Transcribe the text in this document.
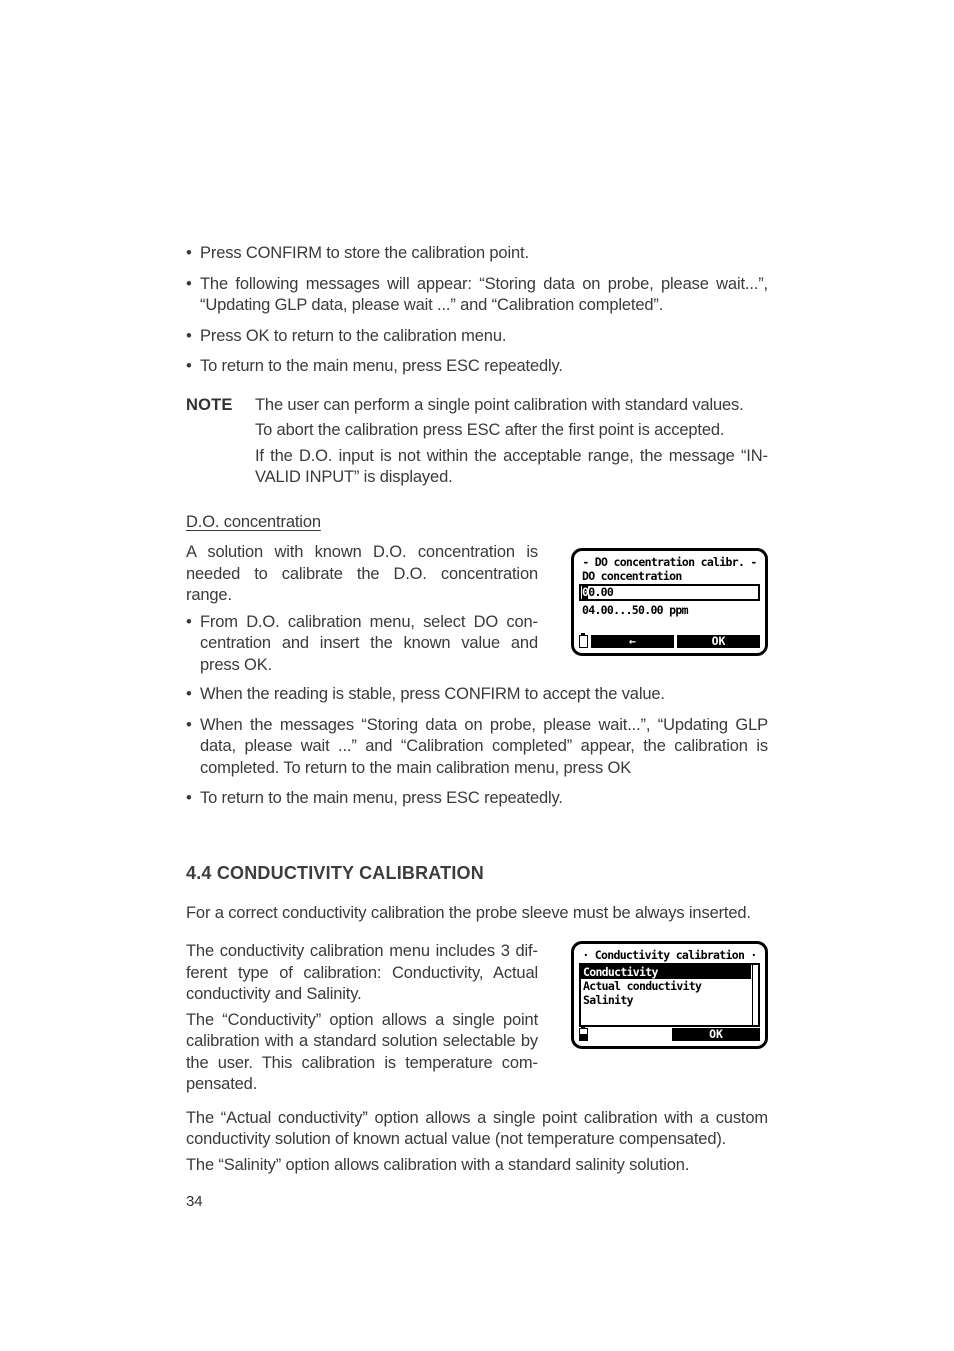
• Press CONFIRM to store the calibration point.
• The following messages will appear: “Storing data on probe, please wait...”, “Updating GLP data, please wait ...” and “Calibration completed”.
• Press OK to return to the calibration menu.
• To return to the main menu, press ESC repeatedly.
NOTE	The user can perform a single point calibration with standard values.

To abort the calibration press ESC after the first point is accepted.

If the D.O. input is not within the acceptable range, the message “INVALID INPUT” is displayed.

D.O. concentration

A solution with known D.O. concentration is needed to calibrate the D.O. concentration range.

• From D.O. calibration menu, select DO concentration and insert the known value and press OK.
- DO concentration calibr. -
DO concentration
0 0.00
04.00...50.00 ppm
←	OK
• When the reading is stable, press CONFIRM to accept the value.
• When the messages “Storing data on probe, please wait...”, “Updating GLP data, please wait ...” and “Calibration completed” appear, the calibration is completed. To return to the main calibration menu, press OK
• To return to the main menu, press ESC repeatedly.
4.4 CONDUCTIVITY CALIBRATION

For a correct conductivity calibration the probe sleeve must be always inserted.

The conductivity calibration menu includes 3 different type of calibration: Conductivity, Actual conductivity and Salinity.

The “Conductivity” option allows a single point calibration with a standard solution selectable by the user. This calibration is temperature compensated.

· Conductivity calibration ·
Conductivity
Actual conductivity
Salinity
OK

The “Actual conductivity” option allows a single point calibration with a custom conductivity solution of known actual value (not temperature compensated).

The “Salinity” option allows calibration with a standard salinity solution.

34
